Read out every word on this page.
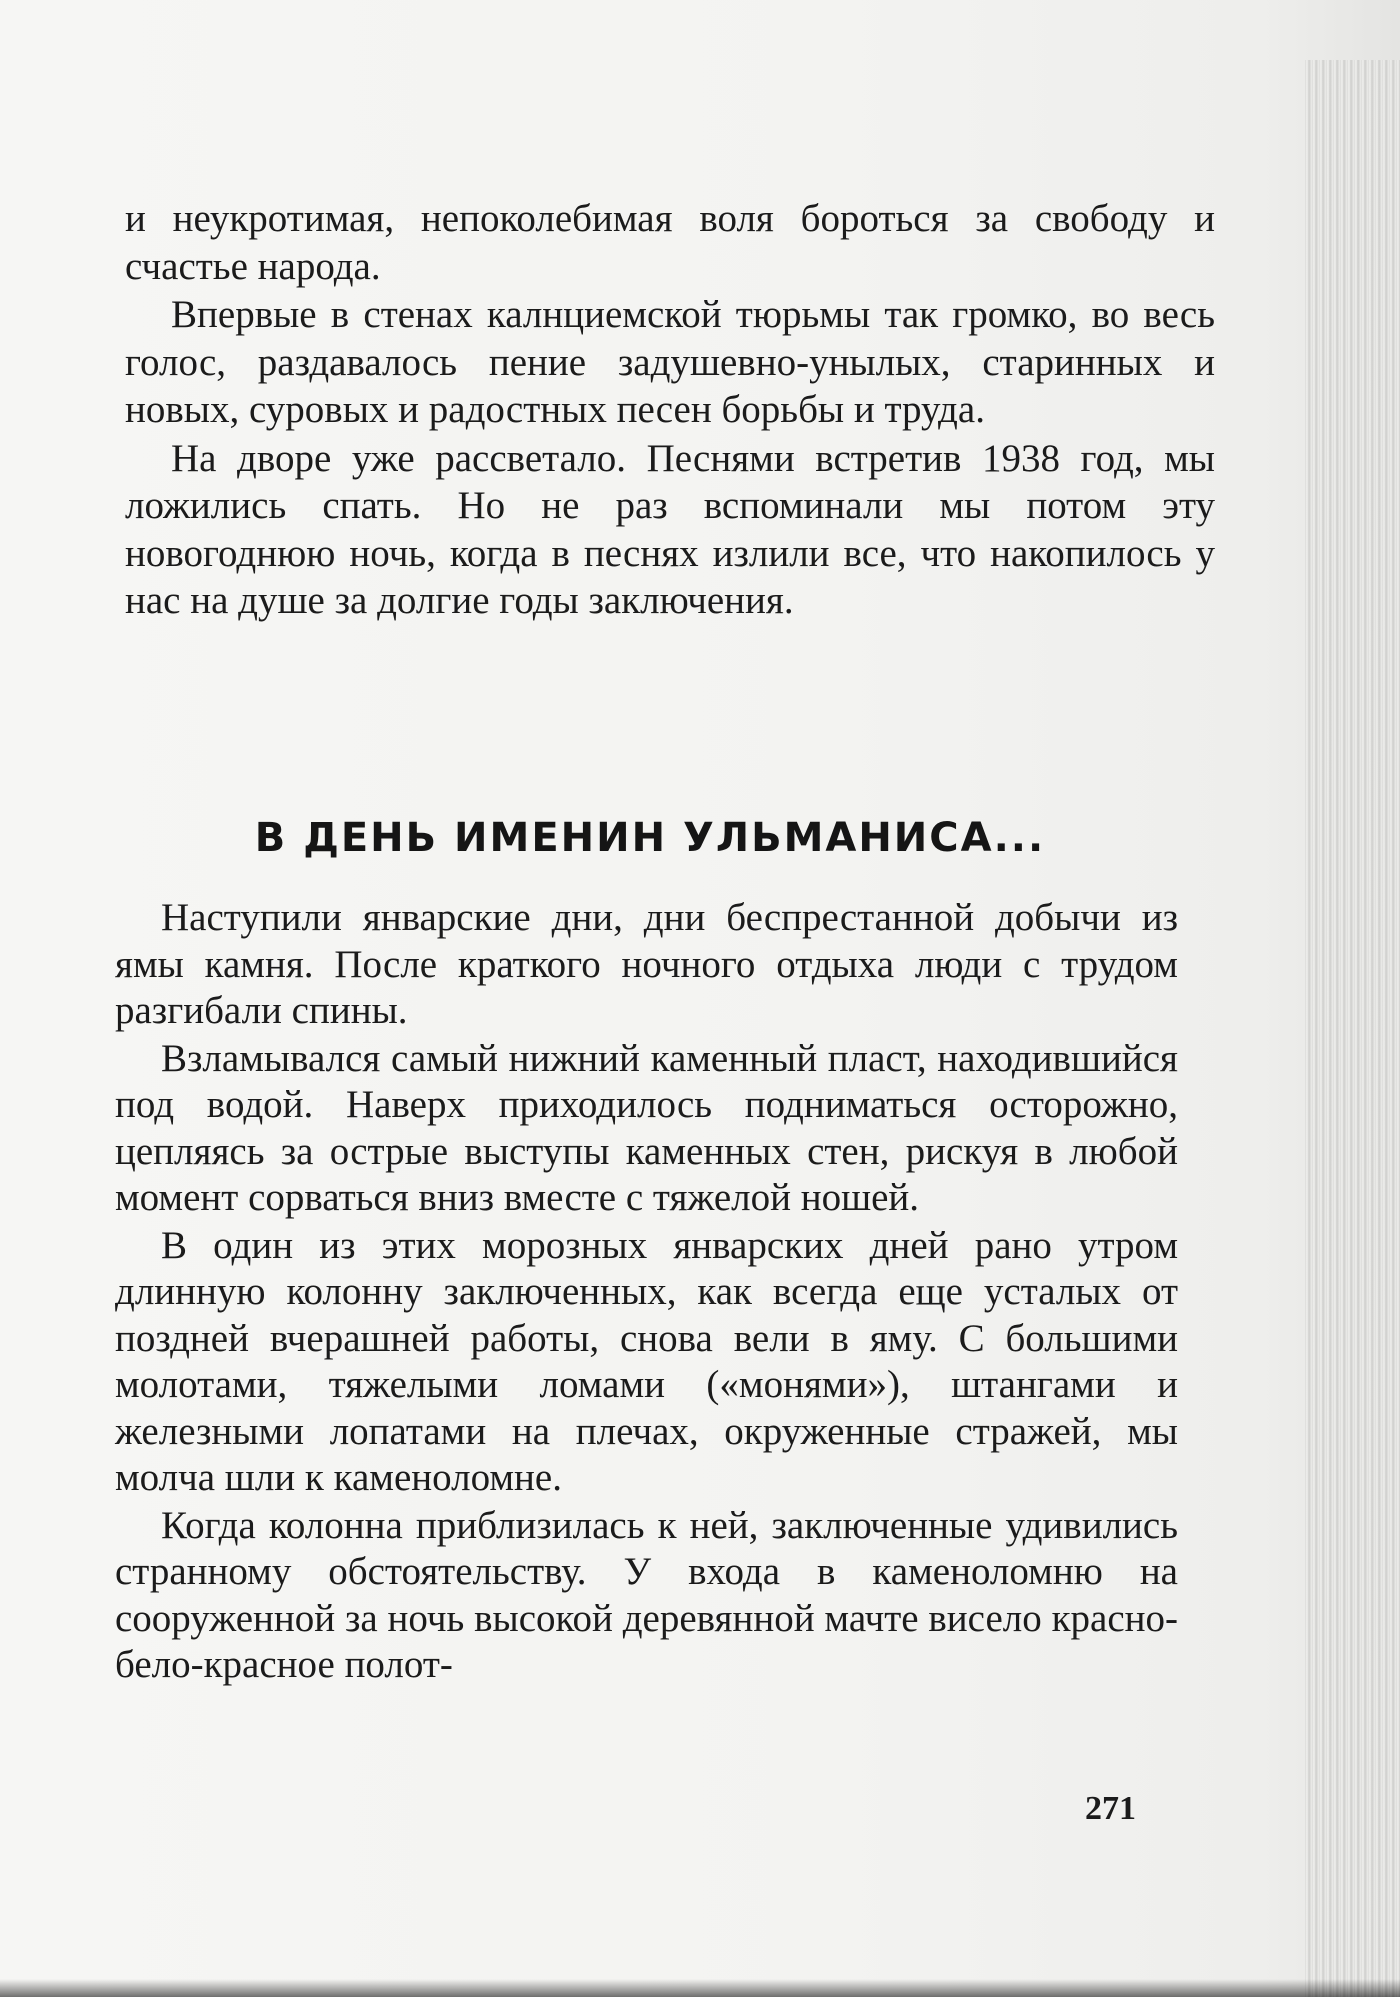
и неукротимая, непоколебимая воля бороться за свободу и счастье народа.

Впервые в стенах калнциемской тюрьмы так громко, во весь голос, раздавалось пение задушевно-унылых, старинных и новых, суровых и радостных песен борьбы и труда.

На дворе уже рассветало. Песнями встретив 1938 год, мы ложились спать. Но не раз вспоминали мы потом эту новогоднюю ночь, когда в песнях излили все, что накопилось у нас на душе за долгие годы заключения.

В ДЕНЬ ИМЕНИН УЛЬМАНИСА...

Наступили январские дни, дни беспрестанной добычи из ямы камня. После краткого ночного отдыха люди с трудом разгибали спины.

Взламывался самый нижний каменный пласт, находившийся под водой. Наверх приходилось подниматься осторожно, цепляясь за острые выступы каменных стен, рискуя в любой момент сорваться вниз вместе с тяжелой ношей.

В один из этих морозных январских дней рано утром длинную колонну заключенных, как всегда еще усталых от поздней вчерашней работы, снова вели в яму. С большими молотами, тяжелыми ломами («монями»), штангами и железными лопатами на плечах, окруженные стражей, мы молча шли к каменоломне.

Когда колонна приблизилась к ней, заключенные удивились странному обстоятельству. У входа в каменоломню на сооруженной за ночь высокой деревянной мачте висело красно-бело-красное полот-

271
